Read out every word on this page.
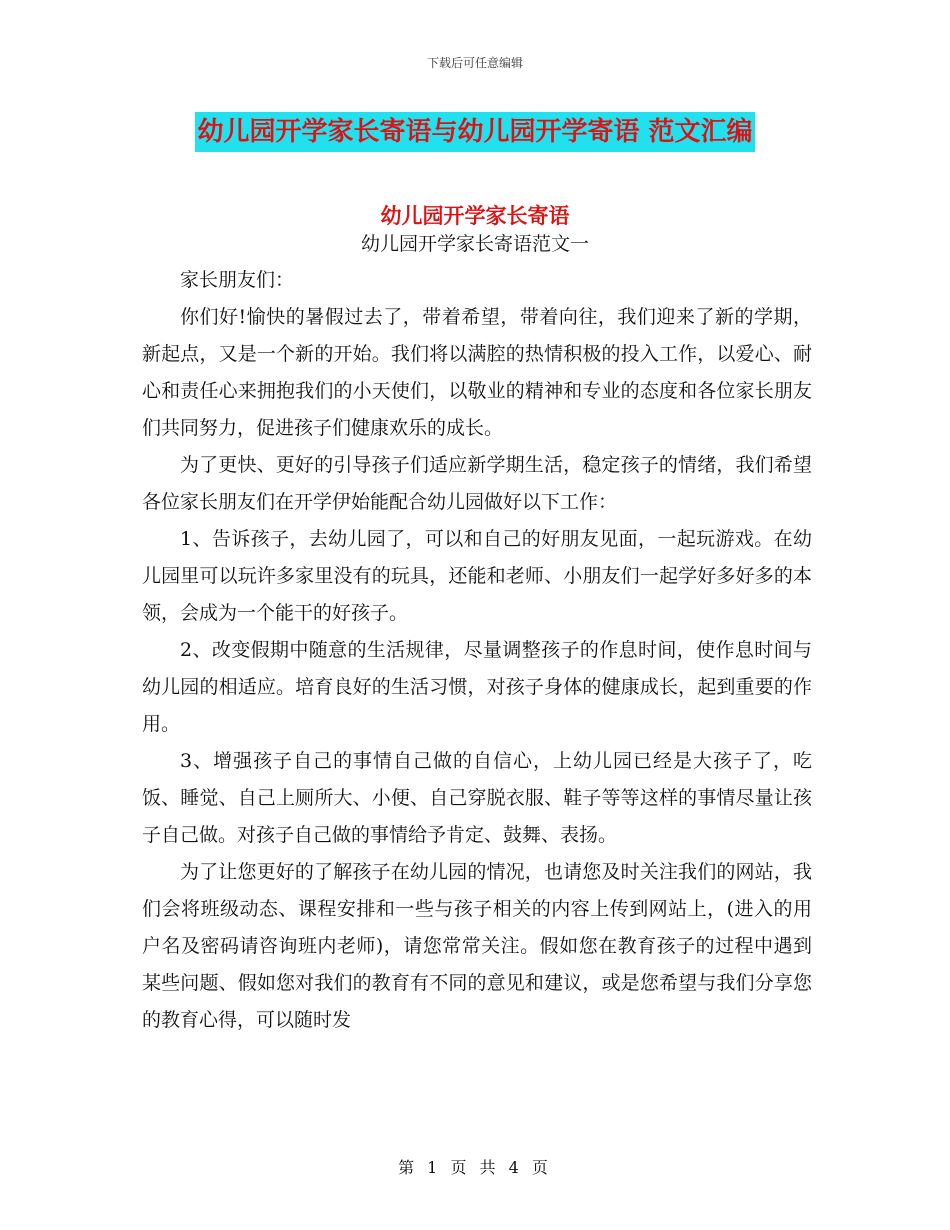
下载后可任意编辑
幼儿园开学家长寄语与幼儿园开学寄语 范文汇编
幼儿园开学家长寄语
幼儿园开学家长寄语范文一

家长朋友们：

你们好!愉快的暑假过去了，带着希望，带着向往，我们迎来了新的学期，新起点，又是一个新的开始。我们将以满腔的热情积极的投入工作，以爱心、耐心和责任心来拥抱我们的小天使们，以敬业的精神和专业的态度和各位家长朋友们共同努力，促进孩子们健康欢乐的成长。

为了更快、更好的引导孩子们适应新学期生活，稳定孩子的情绪，我们希望各位家长朋友们在开学伊始能配合幼儿园做好以下工作：

1、告诉孩子，去幼儿园了，可以和自己的好朋友见面，一起玩游戏。在幼儿园里可以玩许多家里没有的玩具，还能和老师、小朋友们一起学好多好多的本领，会成为一个能干的好孩子。

2、改变假期中随意的生活规律，尽量调整孩子的作息时间，使作息时间与幼儿园的相适应。培育良好的生活习惯，对孩子身体的健康成长，起到重要的作用。

3、增强孩子自己的事情自己做的自信心，上幼儿园已经是大孩子了，吃饭、睡觉、自己上厕所大、小便、自己穿脱衣服、鞋子等等这样的事情尽量让孩子自己做。对孩子自己做的事情给予肯定、鼓舞、表扬。

为了让您更好的了解孩子在幼儿园的情况，也请您及时关注我们的网站，我们会将班级动态、课程安排和一些与孩子相关的内容上传到网站上，(进入的用户名及密码请咨询班内老师)，请您常常关注。假如您在教育孩子的过程中遇到某些问题、假如您对我们的教育有不同的意见和建议，或是您希望与我们分享您的教育心得，可以随时发

第 1 页 共 4 页
